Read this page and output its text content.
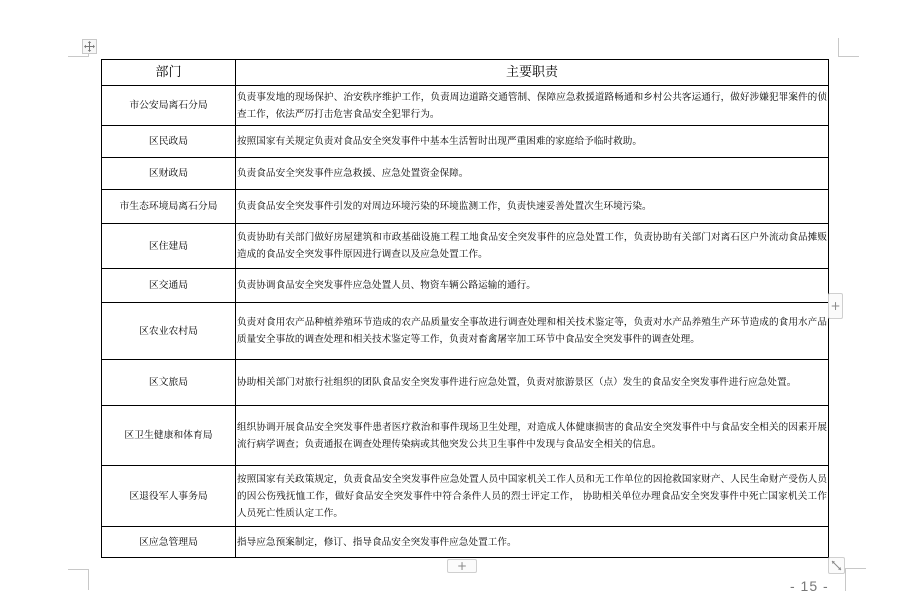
部门	主要职责
市公安局离石分局	负责事发地的现场保护、治安秩序维护工作，负责周边道路交通管制、保障应急救援道路畅通和乡村公共客运通行，做好涉嫌犯罪案件的侦查工作，依法严厉打击危害食品安全犯罪行为。
区民政局	按照国家有关规定负责对食品安全突发事件中基本生活暂时出现严重困难的家庭给予临时救助。
区财政局	负责食品安全突发事件应急救援、应急处置资金保障。
市生态环境局离石分局	负责食品安全突发事件引发的对周边环境污染的环境监测工作，负责快速妥善处置次生环境污染。
区住建局	负责协助有关部门做好房屋建筑和市政基础设施工程工地食品安全突发事件的应急处置工作，负责协助有关部门对离石区户外流动食品摊贩造成的食品安全突发事件原因进行调查以及应急处置工作。
区交通局	负责协调食品安全突发事件应急处置人员、物资车辆公路运输的通行。
区农业农村局	负责对食用农产品种植养殖环节造成的农产品质量安全事故进行调查处理和相关技术鉴定等，负责对水产品养殖生产环节造成的食用水产品质量安全事故的调查处理和相关技术鉴定等工作，负责对畜禽屠宰加工环节中食品安全突发事件的调查处理。
区文旅局	协助相关部门对旅行社组织的团队食品安全突发事件进行应急处置，负责对旅游景区（点）发生的食品安全突发事件进行应急处置。
区卫生健康和体育局	组织协调开展食品安全突发事件患者医疗救治和事件现场卫生处理，对造成人体健康损害的食品安全突发事件中与食品安全相关的因素开展流行病学调查；负责通报在调查处理传染病或其他突发公共卫生事件中发现与食品安全相关的信息。
区退役军人事务局	按照国家有关政策规定，负责食品安全突发事件应急处置人员中国家机关工作人员和无工作单位的因抢救国家财产、人民生命财产受伤人员的因公伤残抚恤工作，做好食品安全突发事件中符合条件人员的烈士评定工作， 协助相关单位办理食品安全突发事件中死亡国家机关工作人员死亡性质认定工作。
区应急管理局	指导应急预案制定，修订、指导食品安全突发事件应急处置工作。
+
+
- 15 -
